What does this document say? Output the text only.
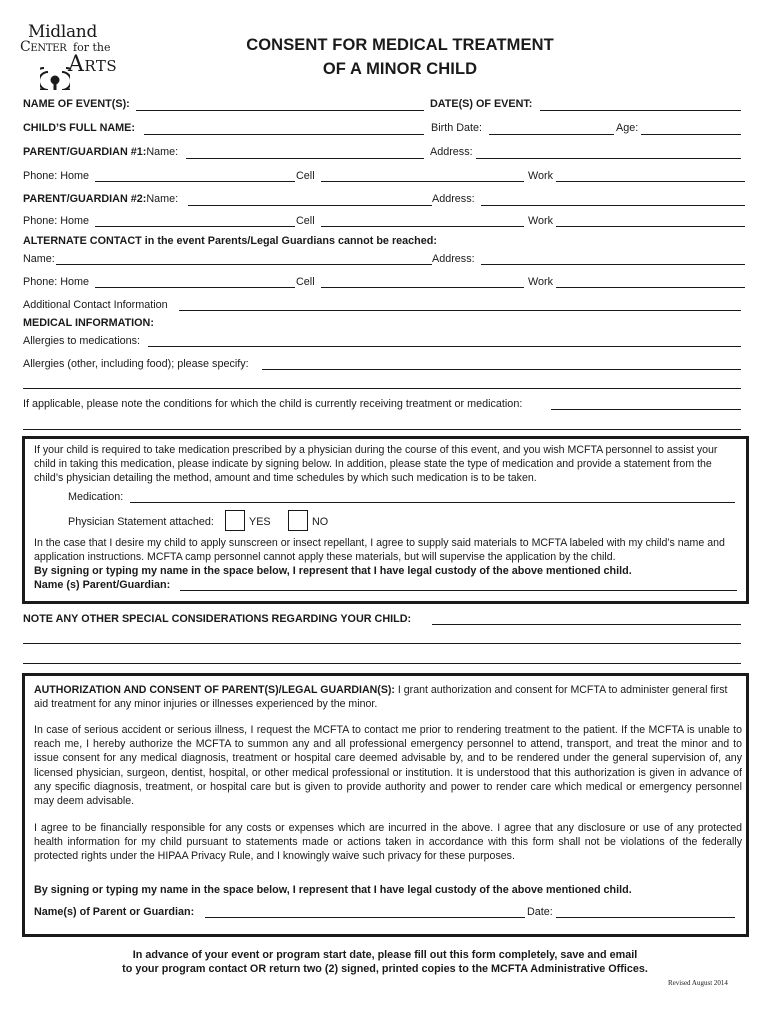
Midland
Center for the
Arts
CONSENT FOR MEDICAL TREATMENT
OF A MINOR CHILD
NAME OF EVENT(S):	DATE(S) OF EVENT:
CHILD’S FULL NAME:	Birth Date:	Age:
PARENT/GUARDIAN #1:Name:	Address:
Phone: Home	Cell	Work
PARENT/GUARDIAN #2:Name:	Address:
Phone: Home	Cell	Work
ALTERNATE CONTACT in the event Parents/Legal Guardians cannot be reached:
Name:	Address:
Phone: Home	Cell	Work
Additional Contact Information
MEDICAL INFORMATION:
Allergies to medications:
Allergies (other, including food); please specify:
If applicable, please note the conditions for which the child is currently receiving treatment or medication:
If your child is required to take medication prescribed by a physician during the course of this event, and you wish MCFTA personnel to assist your child in taking this medication, please indicate by signing below. In addition, please state the type of medication and provide a statement from the child’s physician detailing the method, amount and time schedules by which such medication is to be taken.
Medication:
Physician Statement attached:	YES	NO
In the case that I desire my child to apply sunscreen or insect repellant, I agree to supply said materials to MCFTA labeled with my child’s name and application instructions. MCFTA camp personnel cannot apply these materials, but will supervise the application by the child.
By signing or typing my name in the space below, I represent that I have legal custody of the above mentioned child.
Name (s) Parent/Guardian:
NOTE ANY OTHER SPECIAL CONSIDERATIONS REGARDING YOUR CHILD:
AUTHORIZATION AND CONSENT OF PARENT(S)/LEGAL GUARDIAN(S): I grant authorization and consent for MCFTA to administer general first aid treatment for any minor injuries or illnesses experienced by the minor.
In case of serious accident or serious illness, I request the MCFTA to contact me prior to rendering treatment to the patient. If the MCFTA is unable to reach me, I hereby authorize the MCFTA to summon any and all professional emergency personnel to attend, transport, and treat the minor and to issue consent for any medical diagnosis, treatment or hospital care deemed advisable by, and to be rendered under the general supervision of, any licensed physician, surgeon, dentist, hospital, or other medical professional or institution. It is understood that this authorization is given in advance of any specific diagnosis, treatment, or hospital care but is given to provide authority and power to render care which medical or emergency personnel may deem advisable.
I agree to be financially responsible for any costs or expenses which are incurred in the above. I agree that any disclosure or use of any protected health information for my child pursuant to statements made or actions taken in accordance with this form shall not be violations of the federally protected rights under the HIPAA Privacy Rule, and I knowingly waive such privacy for these purposes.
By signing or typing my name in the space below, I represent that I have legal custody of the above mentioned child.
Name(s) of Parent or Guardian:	Date:
In advance of your event or program start date, please fill out this form completely, save and email
to your program contact OR return two (2) signed, printed copies to the MCFTA Administrative Offices.
Revised August 2014
